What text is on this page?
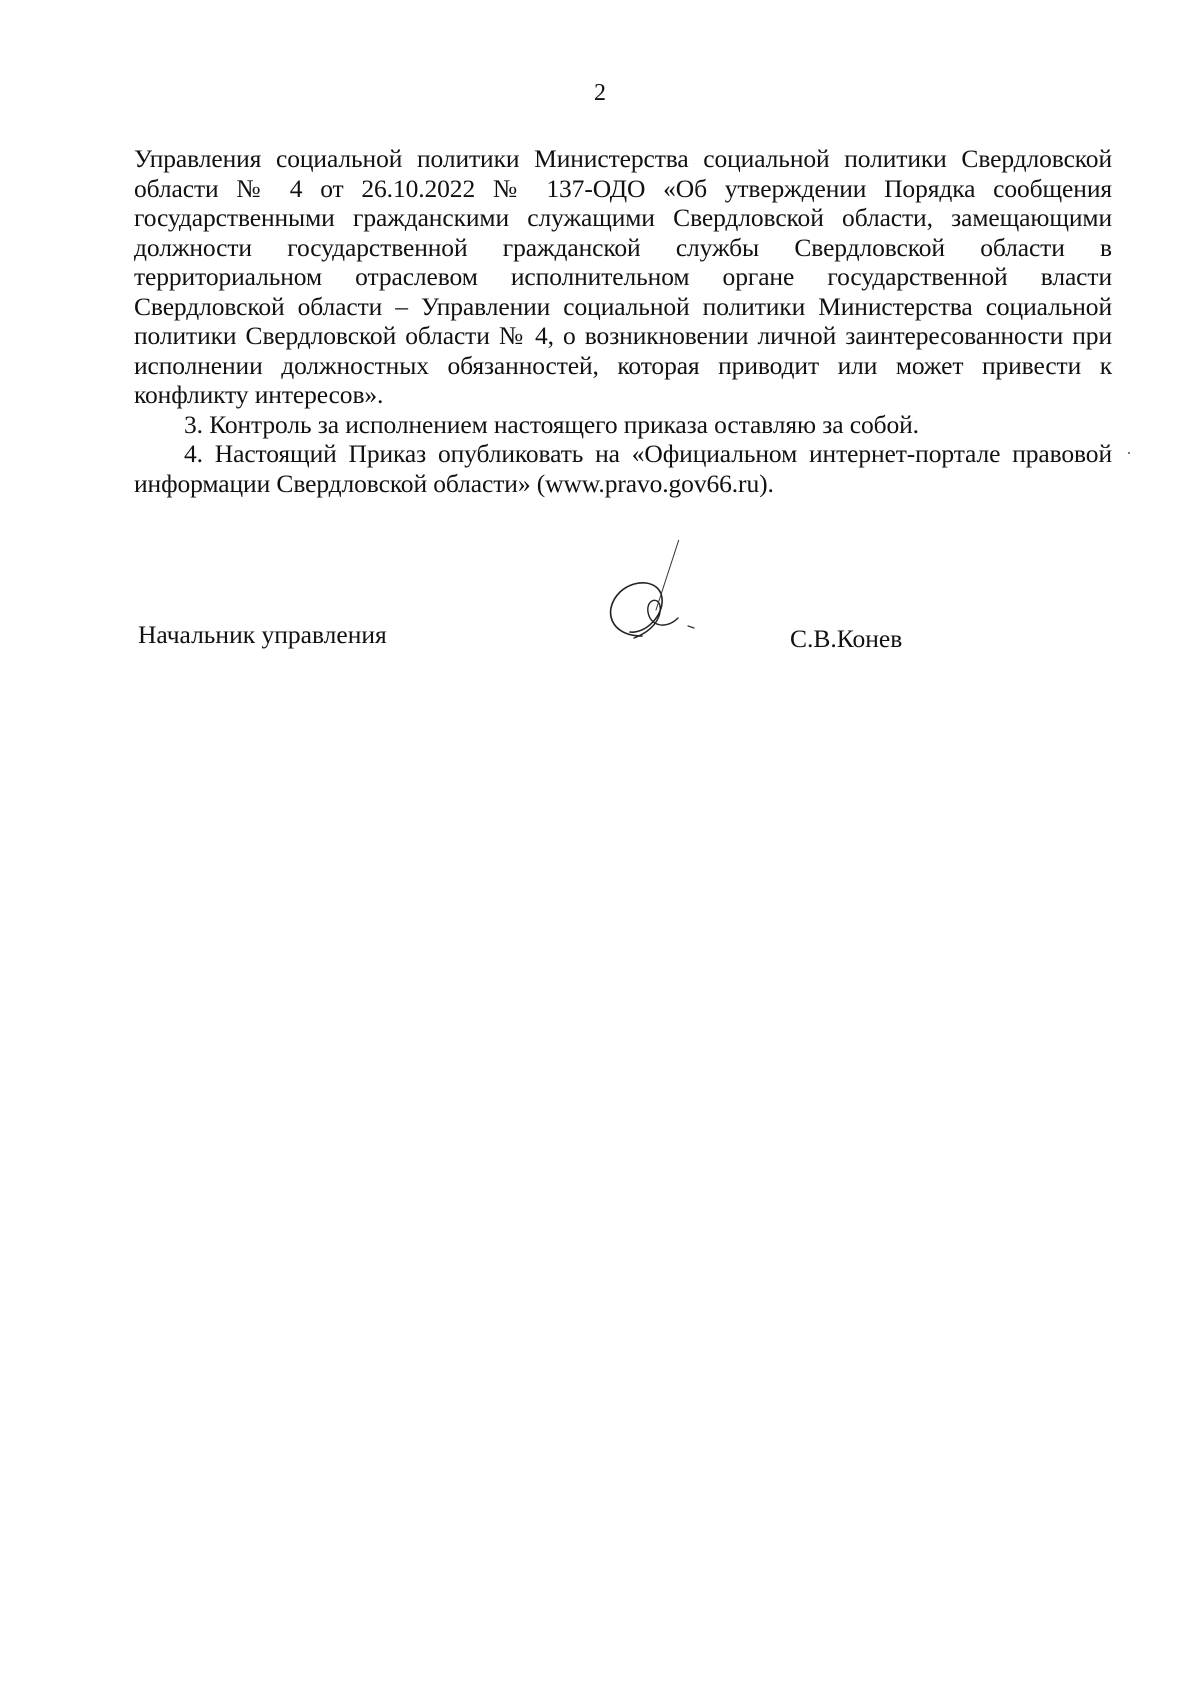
2

Управления социальной политики Министерства социальной политики Свердловской области № 4 от 26.10.2022 № 137-ОДО «Об утверждении Порядка сообщения государственными гражданскими служащими Свердловской области, замещающими должности государственной гражданской службы Свердловской области в территориальном отраслевом исполнительном органе государственной власти Свердловской области – Управлении социальной политики Министерства социальной политики Свердловской области № 4, о возникновении личной заинтересованности при исполнении должностных обязанностей, которая приводит или может привести к конфликту интересов».

3. Контроль за исполнением настоящего приказа оставляю за собой.

4. Настоящий Приказ опубликовать на «Официальном интернет-портале правовой информации Свердловской области» (www.pravo.gov66.ru).

Начальник управления	С.В.Конев
